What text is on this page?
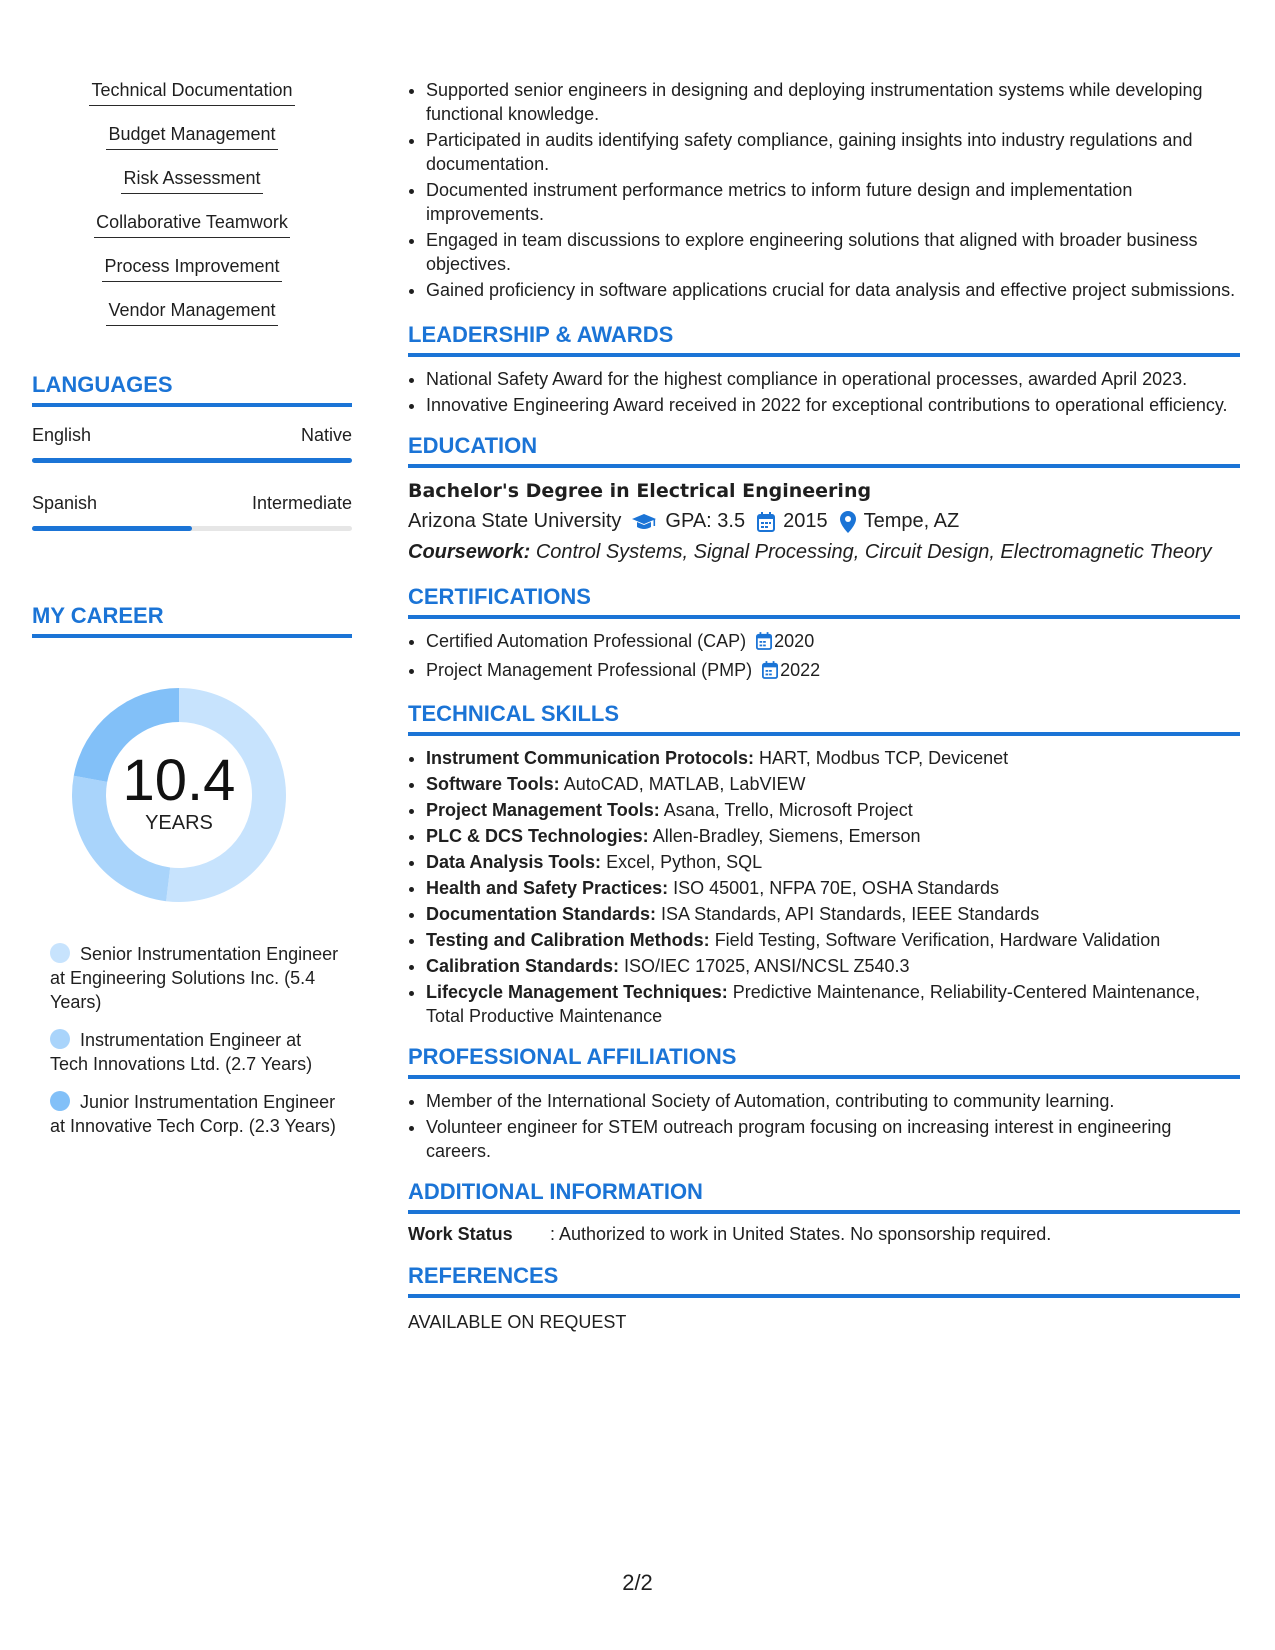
Technical Documentation
Budget Management
Risk Assessment
Collaborative Teamwork
Process Improvement
Vendor Management
LANGUAGES
English	Native
Spanish	Intermediate
MY CAREER
10.4
YEARS
Senior Instrumentation Engineer at Engineering Solutions Inc. (5.4 Years)
Instrumentation Engineer at Tech Innovations Ltd. (2.7 Years)
Junior Instrumentation Engineer at Innovative Tech Corp. (2.3 Years)
• Supported senior engineers in designing and deploying instrumentation systems while developing functional knowledge.
• Participated in audits identifying safety compliance, gaining insights into industry regulations and documentation.
• Documented instrument performance metrics to inform future design and implementation improvements.
• Engaged in team discussions to explore engineering solutions that aligned with broader business objectives.
• Gained proficiency in software applications crucial for data analysis and effective project submissions.
LEADERSHIP & AWARDS
• National Safety Award for the highest compliance in operational processes, awarded April 2023.
• Innovative Engineering Award received in 2022 for exceptional contributions to operational efficiency.
EDUCATION
Bachelor's Degree in Electrical Engineering
Arizona State University GPA: 3.5 2015 Tempe, AZ
Coursework: Control Systems, Signal Processing, Circuit Design, Electromagnetic Theory
CERTIFICATIONS
• Certified Automation Professional (CAP) 2020
• Project Management Professional (PMP) 2022
TECHNICAL SKILLS
• Instrument Communication Protocols: HART, Modbus TCP, Devicenet
• Software Tools: AutoCAD, MATLAB, LabVIEW
• Project Management Tools: Asana, Trello, Microsoft Project
• PLC & DCS Technologies: Allen-Bradley, Siemens, Emerson
• Data Analysis Tools: Excel, Python, SQL
• Health and Safety Practices: ISO 45001, NFPA 70E, OSHA Standards
• Documentation Standards: ISA Standards, API Standards, IEEE Standards
• Testing and Calibration Methods: Field Testing, Software Verification, Hardware Validation
• Calibration Standards: ISO/IEC 17025, ANSI/NCSL Z540.3
• Lifecycle Management Techniques: Predictive Maintenance, Reliability-Centered Maintenance, Total Productive Maintenance
PROFESSIONAL AFFILIATIONS
• Member of the International Society of Automation, contributing to community learning.
• Volunteer engineer for STEM outreach program focusing on increasing interest in engineering careers.
ADDITIONAL INFORMATION
Work Status	: Authorized to work in United States. No sponsorship required.
REFERENCES
AVAILABLE ON REQUEST
2/2
